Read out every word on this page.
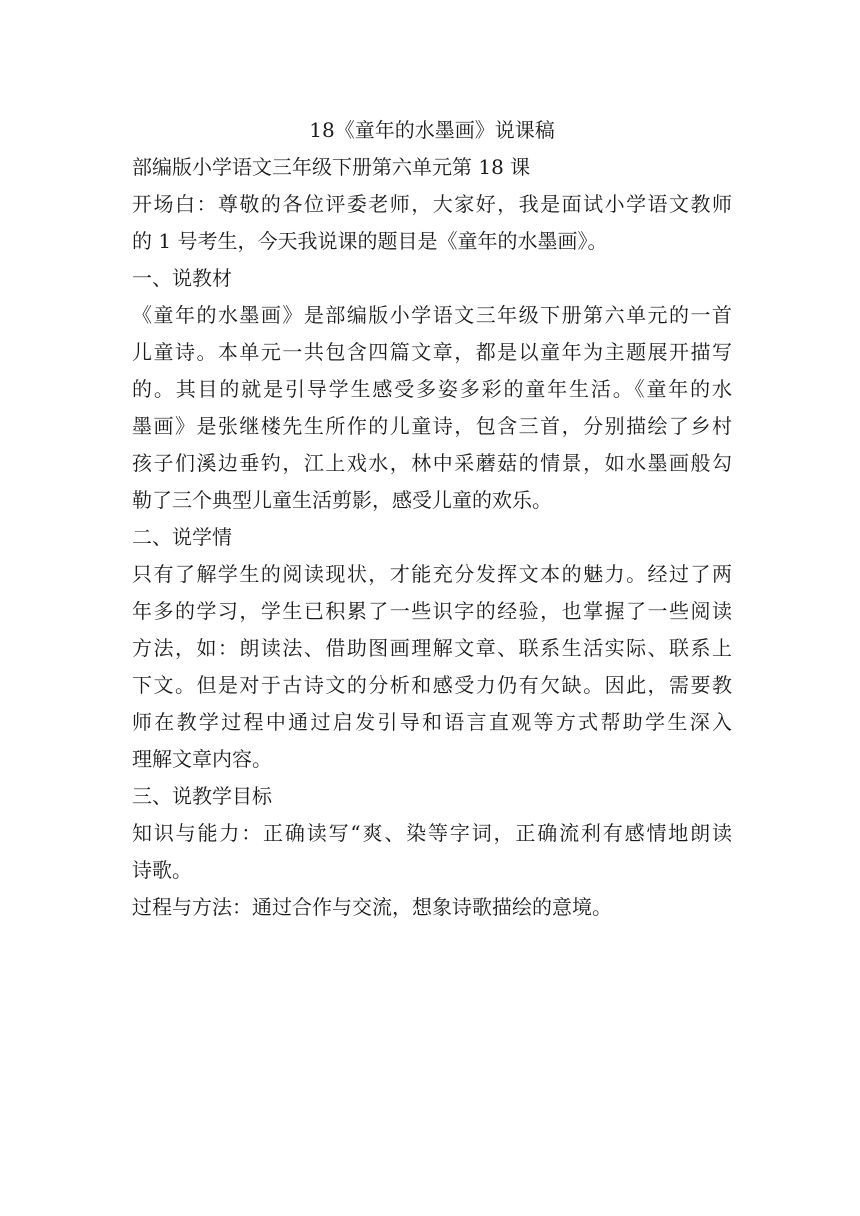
18《童年的水墨画》说课稿
部编版小学语文三年级下册第六单元第 18 课
开场白：尊敬的各位评委老师，大家好，我是面试小学语文教师
的 1 号考生，今天我说课的题目是《童年的水墨画》。
一、说教材
《童年的水墨画》是部编版小学语文三年级下册第六单元的一首
儿童诗。本单元一共包含四篇文章，都是以童年为主题展开描写
的。其目的就是引导学生感受多姿多彩的童年生活。《童年的水
墨画》是张继楼先生所作的儿童诗，包含三首，分别描绘了乡村
孩子们溪边垂钓，江上戏水，林中采蘑菇的情景，如水墨画般勾
勒了三个典型儿童生活剪影，感受儿童的欢乐。
二、说学情
只有了解学生的阅读现状，才能充分发挥文本的魅力。经过了两
年多的学习，学生已积累了一些识字的经验，也掌握了一些阅读
方法，如：朗读法、借助图画理解文章、联系生活实际、联系上
下文。但是对于古诗文的分析和感受力仍有欠缺。因此，需要教
师在教学过程中通过启发引导和语言直观等方式帮助学生深入
理解文章内容。
三、说教学目标
知识与能力：正确读写“爽、染等字词，正确流利有感情地朗读
诗歌。
过程与方法：通过合作与交流，想象诗歌描绘的意境。
